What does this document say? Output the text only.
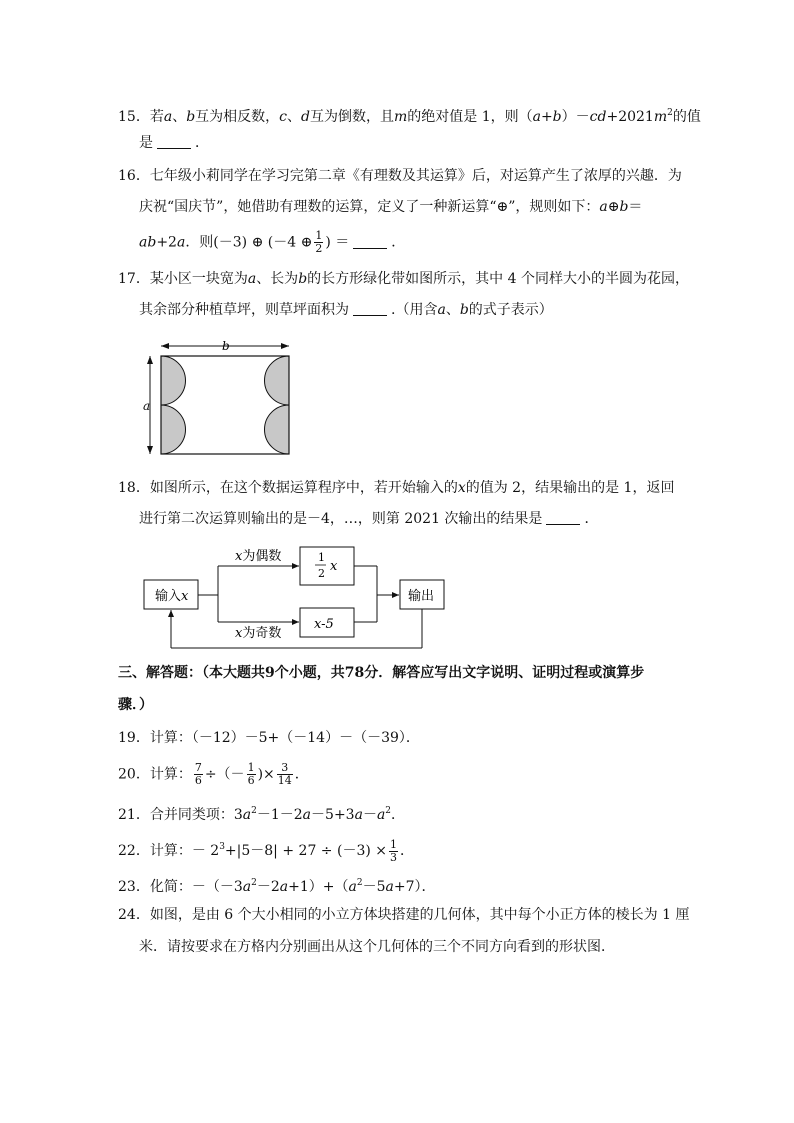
15．若a、b互为相反数，c、d互为倒数，且m的绝对值是 1，则$(a+b)-cd+2021m^2$的值
是	．
16．七年级小莉同学在学习完第二章《有理数及其运算》后，对运算产生了浓厚的兴趣．为
庆祝“国庆节”，她借助有理数的运算，定义了一种新运算“⊕”，规则如下：a⊕b＝
ab+2a．则(－3) ⊕ (－4 ⊕ $\frac{1}{2}$ ) ＝	．
17．某小区一块宽为a、长为b的长方形绿化带如图所示，其中 4 个同样大小的半圆为花园，
其余部分种植草坪，则草坪面积为	.（用含a、b的式子表示）
b
a
18．如图所示，在这个数据运算程序中，若开始输入的x的值为 2，结果输出的是 1，返回
进行第二次运算则输出的是－4，…，则第 2021 次输出的结果是	．
输入x
x为偶数
x为奇数
1
2 x
x-5
输出
三、解答题：（本大题共9个小题，共78分．解答应写出文字说明、证明过程或演算步
骤．）
19．计算：（－12）－5+（－14）－（－39）．
20．计算： $\frac{7}{6}$ ÷（－ $\frac{1}{6}$ )× $\frac{3}{14}$ ．
21．合并同类项：$3a^2-1-2a-5+3a-a^2$．
22．计算：－ $2^3+|5-8| + 27 \div (-3) \times \frac{1}{3}$ ．
23．化简：$-(-3a^2-2a+1)+(a^2-5a+7)$．
24．如图，是由 6 个大小相同的小立方体块搭建的几何体，其中每个小正方体的棱长为 1 厘
米．请按要求在方格内分别画出从这个几何体的三个不同方向看到的形状图．
